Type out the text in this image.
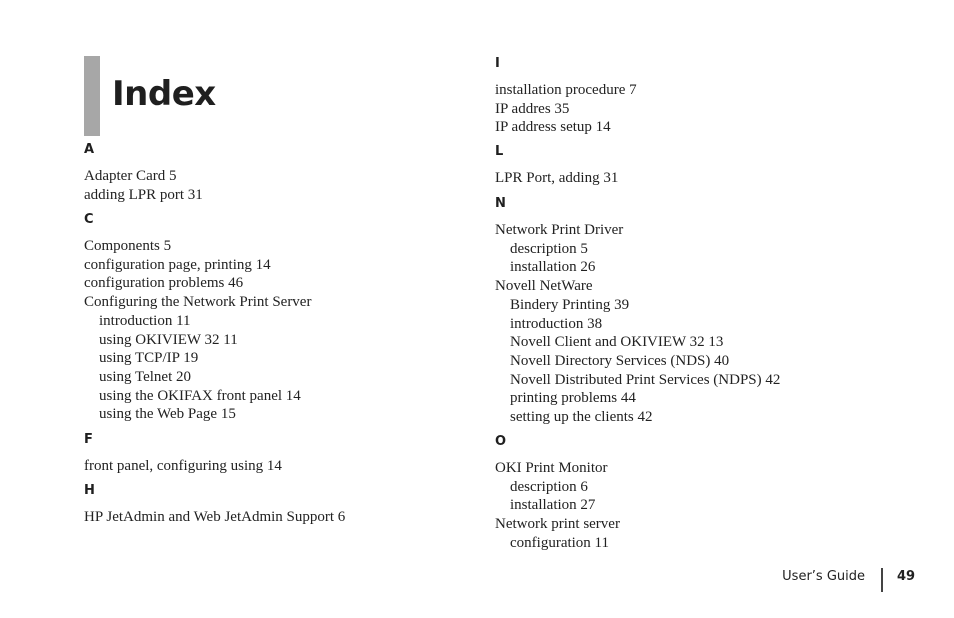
Index
A
Adapter Card 5
adding LPR port 31
C
Components 5
configuration page, printing 14
configuration problems 46
Configuring the Network Print Server
introduction 11
using OKIVIEW 32 11
using TCP/IP 19
using Telnet 20
using the OKIFAX front panel 14
using the Web Page 15
F
front panel, configuring using 14
H
HP JetAdmin and Web JetAdmin Support 6
I
installation procedure 7
IP addres 35
IP address setup 14
L
LPR Port, adding 31
N
Network Print Driver
description 5
installation 26
Novell NetWare
Bindery Printing 39
introduction 38
Novell Client and OKIVIEW 32 13
Novell Directory Services (NDS) 40
Novell Distributed Print Services (NDPS) 42
printing problems 44
setting up the clients 42
O
OKI Print Monitor
description 6
installation 27
Network print server
configuration 11
User’s Guide 49
